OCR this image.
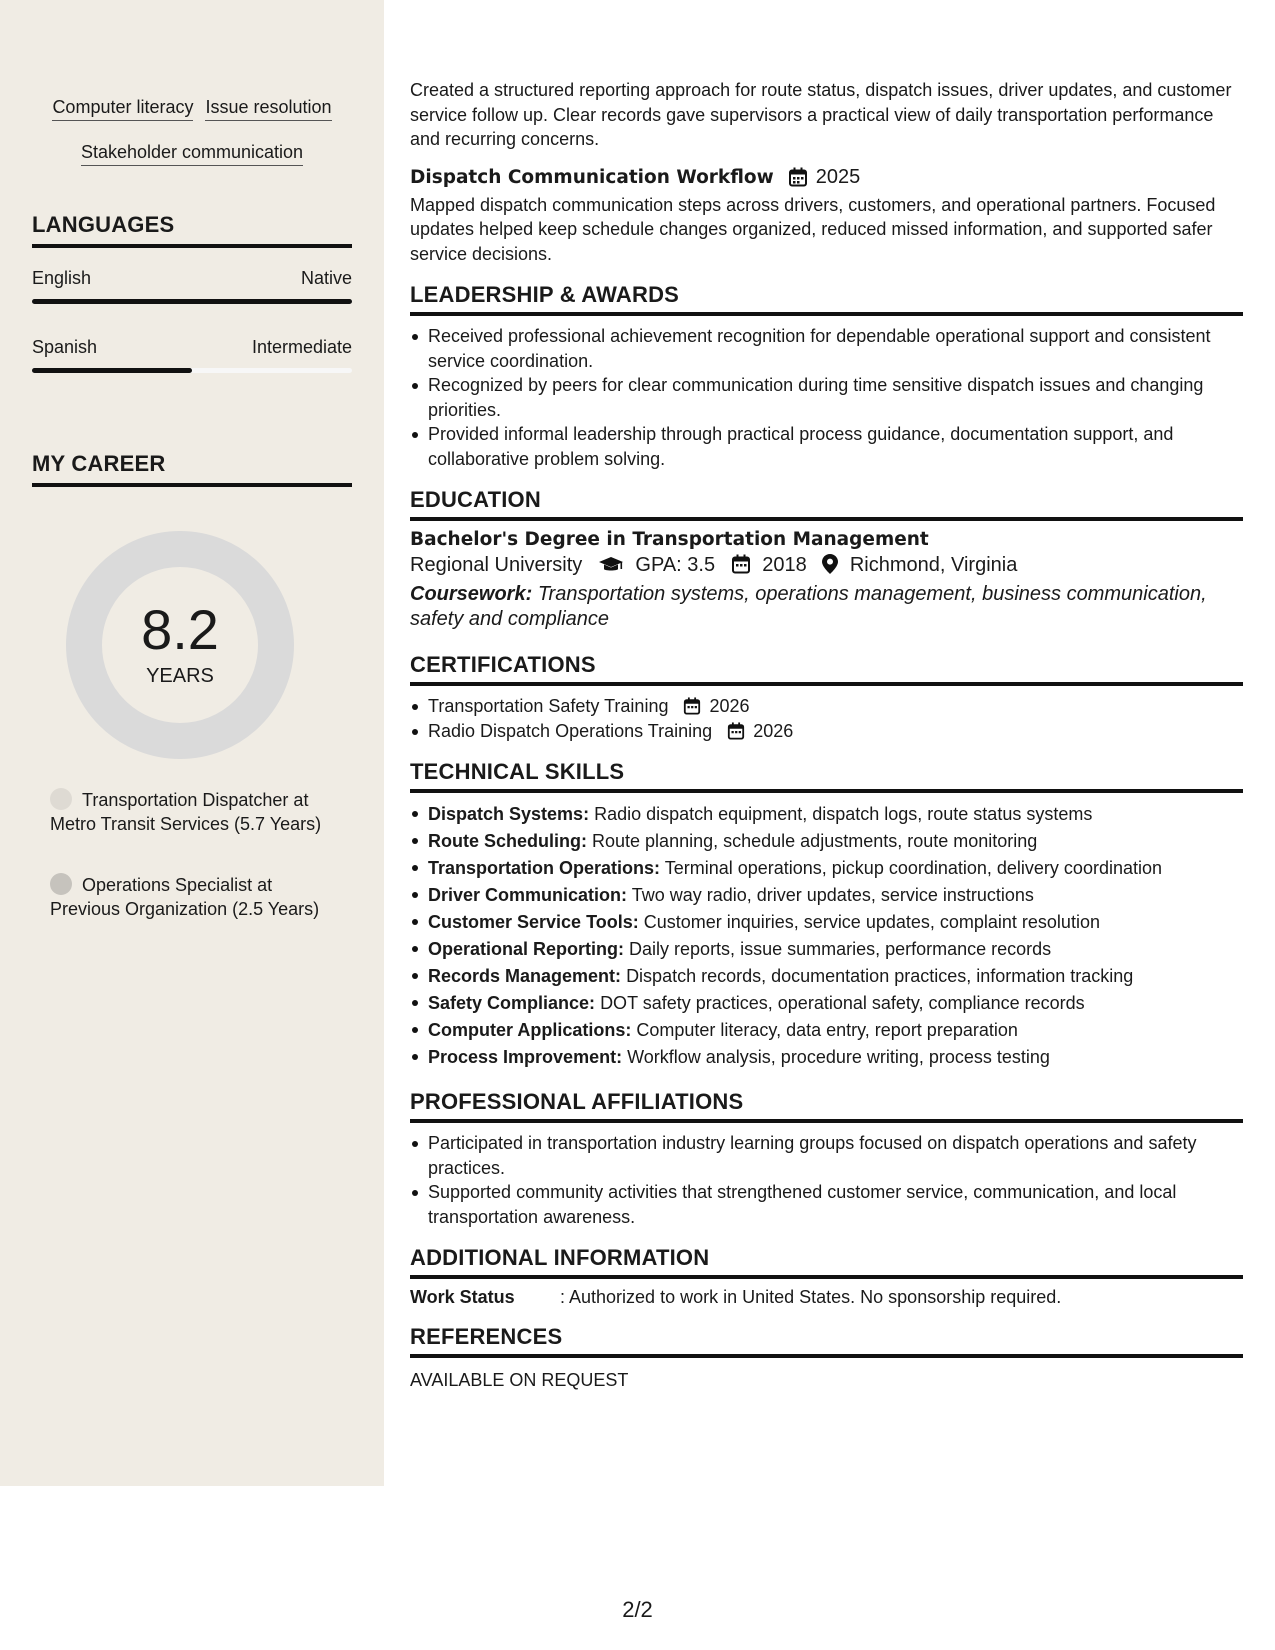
Computer literacy Issue resolution
Stakeholder communication
LANGUAGES
English	Native
Spanish	Intermediate
MY CAREER
8.2
YEARS
Transportation Dispatcher at Metro Transit Services (5.7 Years)
Operations Specialist at Previous Organization (2.5 Years)
Created a structured reporting approach for route status, dispatch issues, driver updates, and customer service follow up. Clear records gave supervisors a practical view of daily transportation performance and recurring concerns.
Dispatch Communication Workflow 2025
Mapped dispatch communication steps across drivers, customers, and operational partners. Focused updates helped keep schedule changes organized, reduced missed information, and supported safer service decisions.
LEADERSHIP & AWARDS
Received professional achievement recognition for dependable operational support and consistent service coordination.
Recognized by peers for clear communication during time sensitive dispatch issues and changing priorities.
Provided informal leadership through practical process guidance, documentation support, and collaborative problem solving.
EDUCATION
Bachelor's Degree in Transportation Management
Regional University	GPA: 3.5 2018 Richmond, Virginia
Coursework: Transportation systems, operations management, business communication, safety and compliance
CERTIFICATIONS
Transportation Safety Training 2026
Radio Dispatch Operations Training 2026
TECHNICAL SKILLS
Dispatch Systems: Radio dispatch equipment, dispatch logs, route status systems
Route Scheduling: Route planning, schedule adjustments, route monitoring
Transportation Operations: Terminal operations, pickup coordination, delivery coordination
Driver Communication: Two way radio, driver updates, service instructions
Customer Service Tools: Customer inquiries, service updates, complaint resolution
Operational Reporting: Daily reports, issue summaries, performance records
Records Management: Dispatch records, documentation practices, information tracking
Safety Compliance: DOT safety practices, operational safety, compliance records
Computer Applications: Computer literacy, data entry, report preparation
Process Improvement: Workflow analysis, procedure writing, process testing
PROFESSIONAL AFFILIATIONS
Participated in transportation industry learning groups focused on dispatch operations and safety practices.
Supported community activities that strengthened customer service, communication, and local transportation awareness.
ADDITIONAL INFORMATION
Work Status	: Authorized to work in United States. No sponsorship required.
REFERENCES
AVAILABLE ON REQUEST
2/2
